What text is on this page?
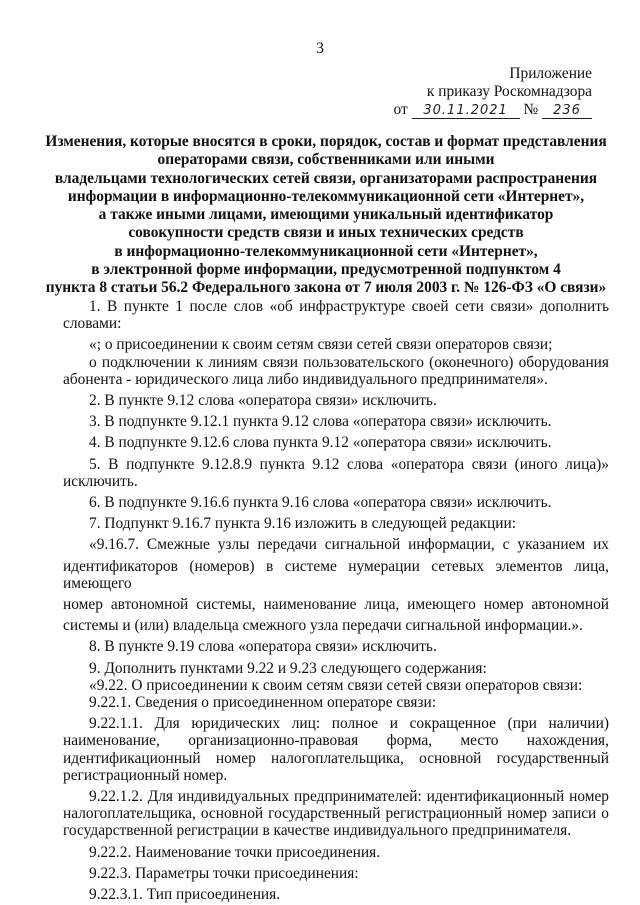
3
Приложение
к приказу Роскомнадзора
от 30.11.2021 № 236
Изменения, которые вносятся в сроки, порядок, состав и формат представления
операторами связи, собственниками или иными
владельцами технологических сетей связи, организаторами распространения
информации в информационно-телекоммуникационной сети «Интернет»,
а также иными лицами, имеющими уникальный идентификатор
совокупности средств связи и иных технических средств
в информационно-телекоммуникационной сети «Интернет»,
в электронной форме информации, предусмотренной подпунктом 4
пункта 8 статьи 56.2 Федерального закона от 7 июля 2003 г. № 126-ФЗ «О связи»
1. В пункте 1 после слов «об инфраструктуре своей сети связи» дополнить
словами:
«; о присоединении к своим сетям связи сетей связи операторов связи;
о подключении к линиям связи пользовательского (оконечного) оборудования
абонента - юридического лица либо индивидуального предпринимателя».
2. В пункте 9.12 слова «оператора связи» исключить.
3. В подпункте 9.12.1 пункта 9.12 слова «оператора связи» исключить.
4. В подпункте 9.12.6 слова пункта 9.12 «оператора связи» исключить.
5. В подпункте 9.12.8.9 пункта 9.12 слова «оператора связи (иного лица)»
исключить.
6. В подпункте 9.16.6 пункта 9.16 слова «оператора связи» исключить.
7. Подпункт 9.16.7 пункта 9.16 изложить в следующей редакции:
«9.16.7. Смежные узлы передачи сигнальной информации, с указанием их
идентификаторов (номеров) в системе нумерации сетевых элементов лица, имеющего
номер автономной системы, наименование лица, имеющего номер автономной
системы и (или) владельца смежного узла передачи сигнальной информации.».
8. В пункте 9.19 слова «оператора связи» исключить.
9. Дополнить пунктами 9.22 и 9.23 следующего содержания:
«9.22. О присоединении к своим сетям связи сетей связи операторов связи:
9.22.1. Сведения о присоединенном операторе связи:
9.22.1.1. Для юридических лиц: полное и сокращенное (при наличии)
наименование, организационно-правовая форма, место нахождения,
идентификационный номер налогоплательщика, основной государственный
регистрационный номер.
9.22.1.2. Для индивидуальных предпринимателей: идентификационный номер
налогоплательщика, основной государственный регистрационный номер записи о
государственной регистрации в качестве индивидуального предпринимателя.
9.22.2. Наименование точки присоединения.
9.22.3. Параметры точки присоединения:
9.22.3.1. Тип присоединения.
